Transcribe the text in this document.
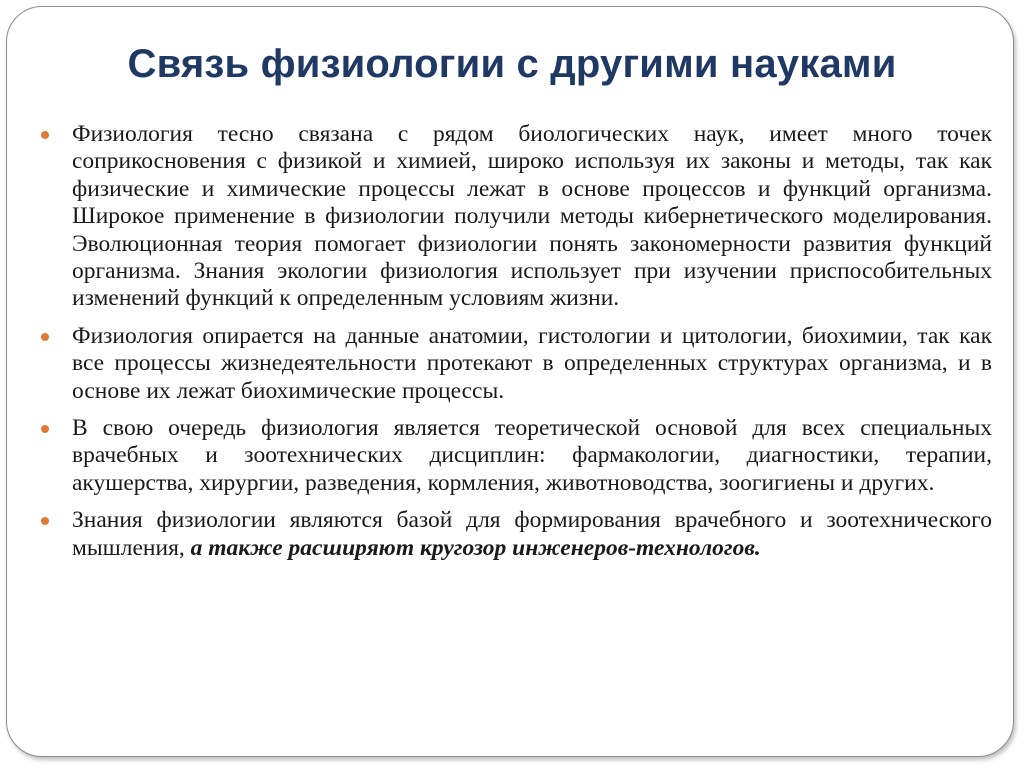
Связь физиологии с другими науками
Физиология тесно связана с рядом биологических наук, имеет много точек соприкосновения с физикой и химией, широко используя их законы и методы, так как физические и химические процессы лежат в основе процессов и функций организма. Широкое применение в физиологии получили методы кибернетического моделирования. Эволюционная теория помогает физиологии понять закономерности развития функций организма. Знания экологии физиология использует при изучении приспособительных изменений функций к определенным условиям жизни.
Физиология опирается на данные анатомии, гистологии и цитологии, биохимии, так как все процессы жизнедеятельности протекают в определенных структурах организма, и в основе их лежат биохимические процессы.
В свою очередь физиология является теоретической основой для всех специальных врачебных и зоотехнических дисциплин: фармакологии, диагностики, терапии, акушерства, хирургии, разведения, кормления, животноводства, зоогигиены и других.
Знания физиологии являются базой для формирования врачебного и зоотехнического мышления, а также расширяют кругозор инженеров-технологов.
